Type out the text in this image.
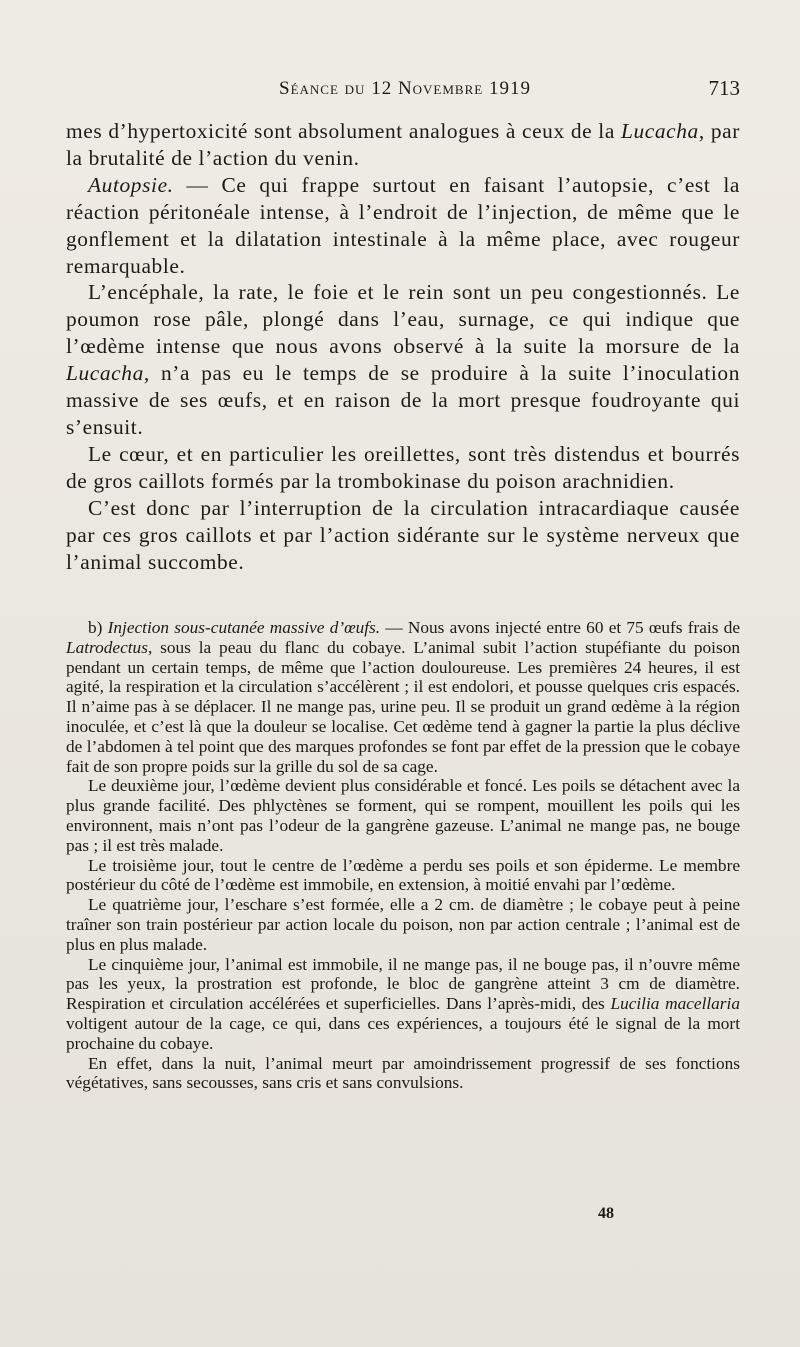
Séance du 12 Novembre 1919	713

mes d’hypertoxicité sont absolument analogues à ceux de la Lucacha, par la brutalité de l’action du venin.

Autopsie. — Ce qui frappe surtout en faisant l’autopsie, c’est la réaction péritonéale intense, à l’endroit de l’injection, de même que le gonflement et la dilatation intestinale à la même place, avec rougeur remarquable.

L’encéphale, la rate, le foie et le rein sont un peu congestionnés. Le poumon rose pâle, plongé dans l’eau, surnage, ce qui indique que l’œdème intense que nous avons observé à la suite la morsure de la Lucacha, n’a pas eu le temps de se produire à la suite l’inoculation massive de ses œufs, et en raison de la mort presque foudroyante qui s’ensuit.

Le cœur, et en particulier les oreillettes, sont très distendus et bourrés de gros caillots formés par la trombokinase du poison arachnidien.

C’est donc par l’interruption de la circulation intracardiaque causée par ces gros caillots et par l’action sidérante sur le système nerveux que l’animal succombe.

b) Injection sous-cutanée massive d’œufs. — Nous avons injecté entre 60 et 75 œufs frais de Latrodectus, sous la peau du flanc du cobaye. L’animal subit l’action stupéfiante du poison pendant un certain temps, de même que l’action douloureuse. Les premières 24 heures, il est agité, la respiration et la circulation s’accélèrent ; il est endolori, et pousse quelques cris espacés. Il n’aime pas à se déplacer. Il ne mange pas, urine peu. Il se produit un grand œdème à la région inoculée, et c’est là que la douleur se localise. Cet œdème tend à gagner la partie la plus déclive de l’abdomen à tel point que des marques profondes se font par effet de la pression que le cobaye fait de son propre poids sur la grille du sol de sa cage.

Le deuxième jour, l’œdème devient plus considérable et foncé. Les poils se détachent avec la plus grande facilité. Des phlyctènes se forment, qui se rompent, mouillent les poils qui les environnent, mais n’ont pas l’odeur de la gangrène gazeuse. L’animal ne mange pas, ne bouge pas ; il est très malade.

Le troisième jour, tout le centre de l’œdème a perdu ses poils et son épiderme. Le membre postérieur du côté de l’œdème est immobile, en extension, à moitié envahi par l’œdème.

Le quatrième jour, l’eschare s’est formée, elle a 2 cm. de diamètre ; le cobaye peut à peine traîner son train postérieur par action locale du poison, non par action centrale ; l’animal est de plus en plus malade.

Le cinquième jour, l’animal est immobile, il ne mange pas, il ne bouge pas, il n’ouvre même pas les yeux, la prostration est profonde, le bloc de gangrène atteint 3 cm de diamètre. Respiration et circulation accélérées et superficielles. Dans l’après-midi, des Lucilia macellaria voltigent autour de la cage, ce qui, dans ces expériences, a toujours été le signal de la mort prochaine du cobaye.

En effet, dans la nuit, l’animal meurt par amoindrissement progressif de ses fonctions végétatives, sans secousses, sans cris et sans convulsions.

48
